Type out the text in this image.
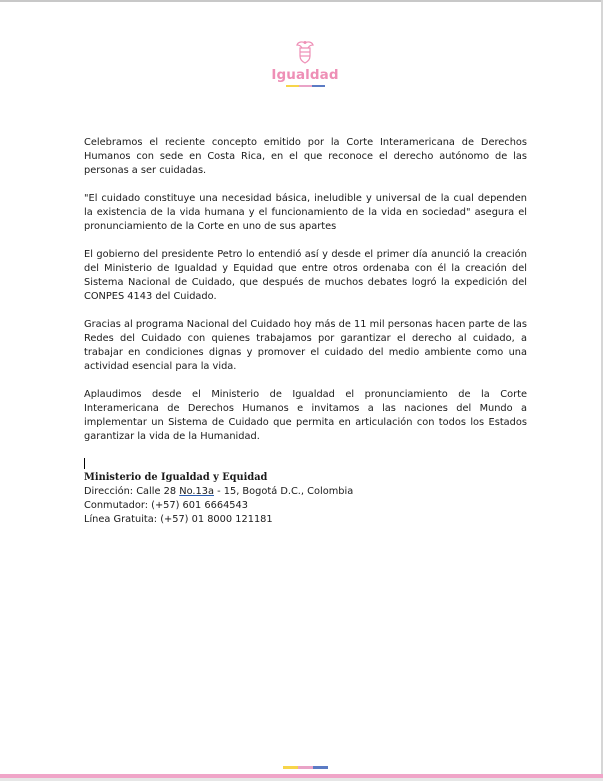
Igualdad

Celebramos el reciente concepto emitido por la Corte Interamericana de Derechos Humanos con sede en Costa Rica, en el que reconoce el derecho autónomo de las personas a ser cuidadas.

"El cuidado constituye una necesidad básica, ineludible y universal de la cual dependen la existencia de la vida humana y el funcionamiento de la vida en sociedad" asegura el pronunciamiento de la Corte en uno de sus apartes

El gobierno del presidente Petro lo entendió así y desde el primer día anunció la creación del Ministerio de Igualdad y Equidad que entre otros ordenaba con él la creación del Sistema Nacional de Cuidado, que después de muchos debates logró la expedición del CONPES 4143 del Cuidado.

Gracias al programa Nacional del Cuidado hoy más de 11 mil personas hacen parte de las Redes del Cuidado con quienes trabajamos por garantizar el derecho al cuidado, a trabajar en condiciones dignas y promover el cuidado del medio ambiente como una actividad esencial para la vida.

Aplaudimos desde el Ministerio de Igualdad el pronunciamiento de la Corte Interamericana de Derechos Humanos e invitamos a las naciones del Mundo a implementar un Sistema de Cuidado que permita en articulación con todos los Estados garantizar la vida de la Humanidad.

Ministerio de Igualdad y Equidad
Dirección: Calle 28 No.13a - 15, Bogotá D.C., Colombia
Conmutador: (+57) 601 6664543
Línea Gratuita: (+57) 01 8000 121181
